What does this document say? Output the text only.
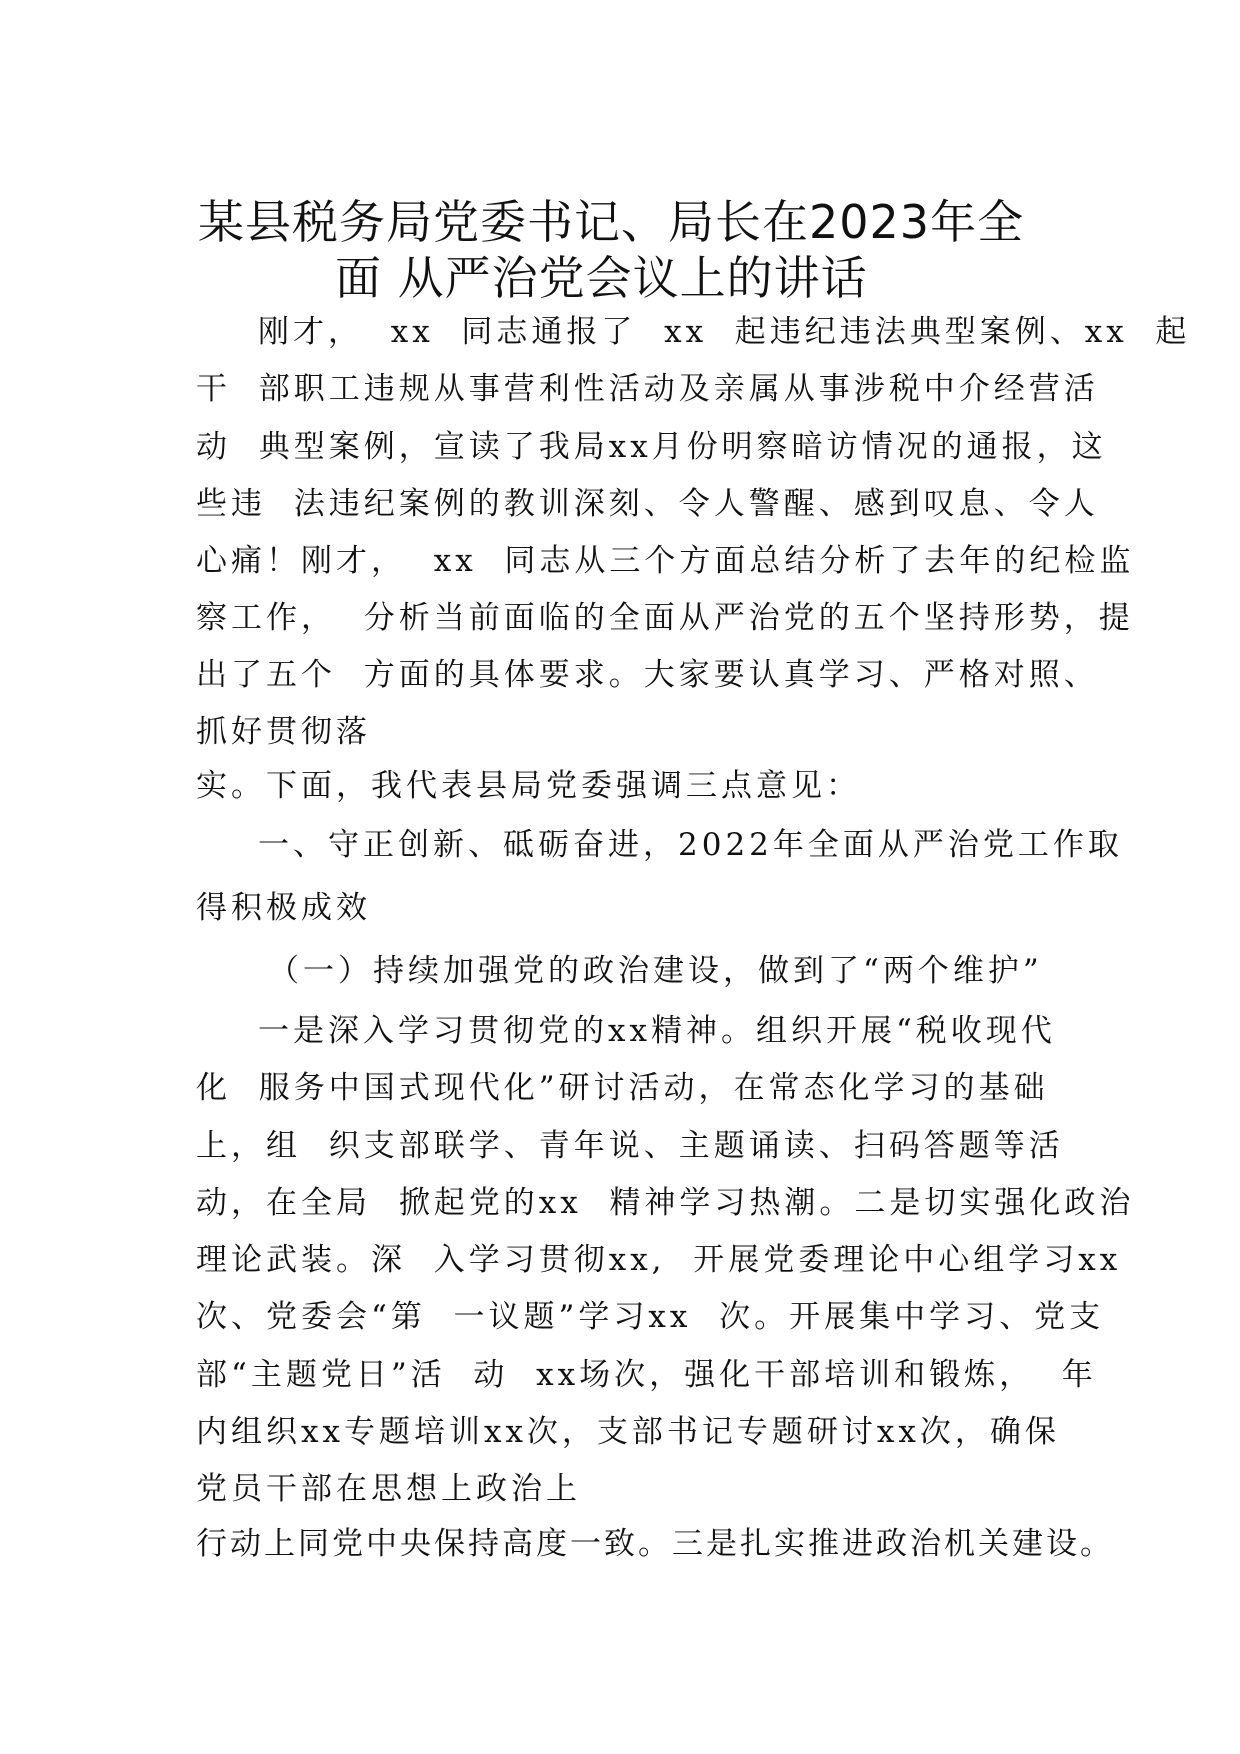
某县税务局党委书记、局长在2023年全
面 从严治党会议上的讲话
刚才，  xx  同志通报了  xx  起违纪违法典型案例、xx  起
干  部职工违规从事营利性活动及亲属从事涉税中介经营活
动  典型案例，宣读了我局xx月份明察暗访情况的通报，这
些违  法违纪案例的教训深刻、令人警醒、感到叹息、令人
心痛！刚才，  xx  同志从三个方面总结分析了去年的纪检监
察工作，  分析当前面临的全面从严治党的五个坚持形势，提
出了五个  方面的具体要求。大家要认真学习、严格对照、
抓好贯彻落
实。下面，我代表县局党委强调三点意见：
一、守正创新、砥砺奋进，2022年全面从严治党工作取
得积极成效
（一）持续加强党的政治建设，做到了“两个维护”
一是深入学习贯彻党的xx精神。组织开展“税收现代
化  服务中国式现代化”研讨活动，在常态化学习的基础
上，组  织支部联学、青年说、主题诵读、扫码答题等活
动，在全局  掀起党的xx  精神学习热潮。二是切实强化政治
理论武装。深  入学习贯彻xx,  开展党委理论中心组学习xx
次、党委会“第  一议题”学习xx  次。开展集中学习、党支
部“主题党日”活  动  xx场次，强化干部培训和锻炼，  年
内组织xx专题培训xx次，支部书记专题研讨xx次，确保
党员干部在思想上政治上
行动上同党中央保持高度一致。三是扎实推进政治机关建设。
